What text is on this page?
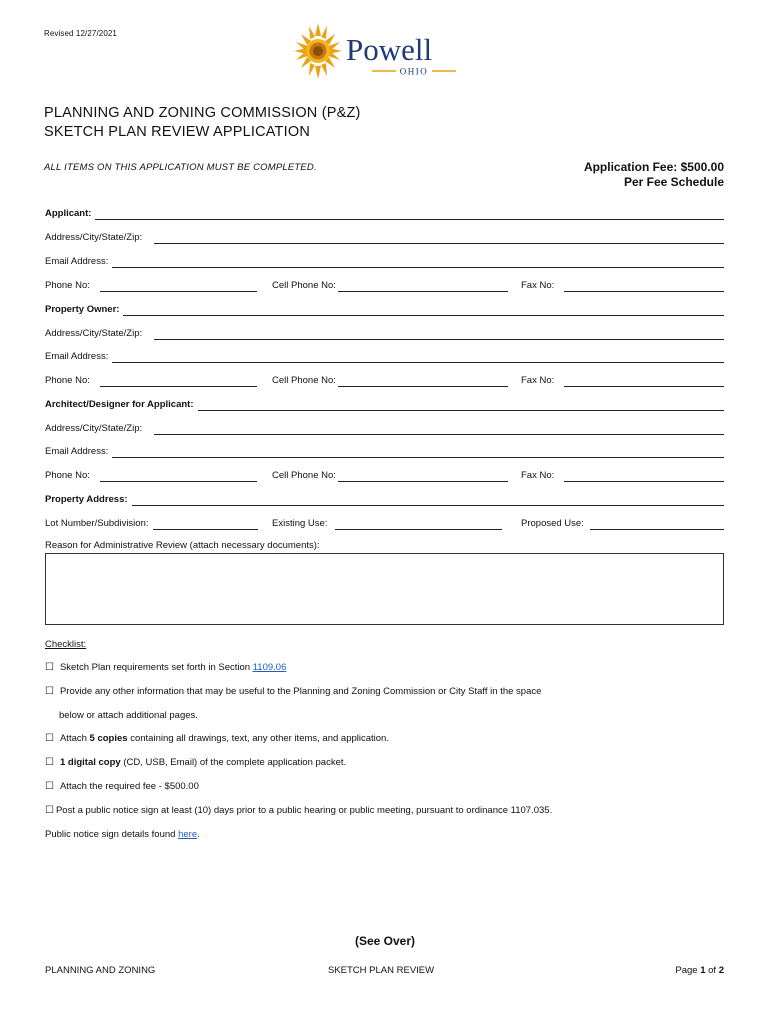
Revised 12/27/2021	Powell
OHIO
PLANNING AND ZONING COMMISSION (P&Z)
SKETCH PLAN REVIEW APPLICATION
ALL ITEMS ON THIS APPLICATION MUST BE COMPLETED.	Application Fee: $500.00
Per Fee Schedule
Applicant:
Address/City/State/Zip:
Email Address:
Phone No:	Cell Phone No:	Fax No:
Property Owner:
Address/City/State/Zip:
Email Address:
Phone No:	Cell Phone No:	Fax No:
Architect/Designer for Applicant:
Address/City/State/Zip:
Email Address:
Phone No:	Cell Phone No:	Fax No:
Property Address:
Lot Number/Subdivision:	Existing Use:	Proposed Use:
Reason for Administrative Review (attach necessary documents):
Checklist:
☐ Sketch Plan requirements set forth in Section 1109.06
☐ Provide any other information that may be useful to the Planning and Zoning Commission or City Staff in the space
below or attach additional pages.
☐ Attach 5 copies containing all drawings, text, any other items, and application.
☐ 1 digital copy (CD, USB, Email) of the complete application packet.
☐ Attach the required fee - $500.00
☐ Post a public notice sign at least (10) days prior to a public hearing or public meeting, pursuant to ordinance 1107.035.
Public notice sign details found here.
(See Over)
PLANNING AND ZONING	SKETCH PLAN REVIEW	Page 1 of 2
